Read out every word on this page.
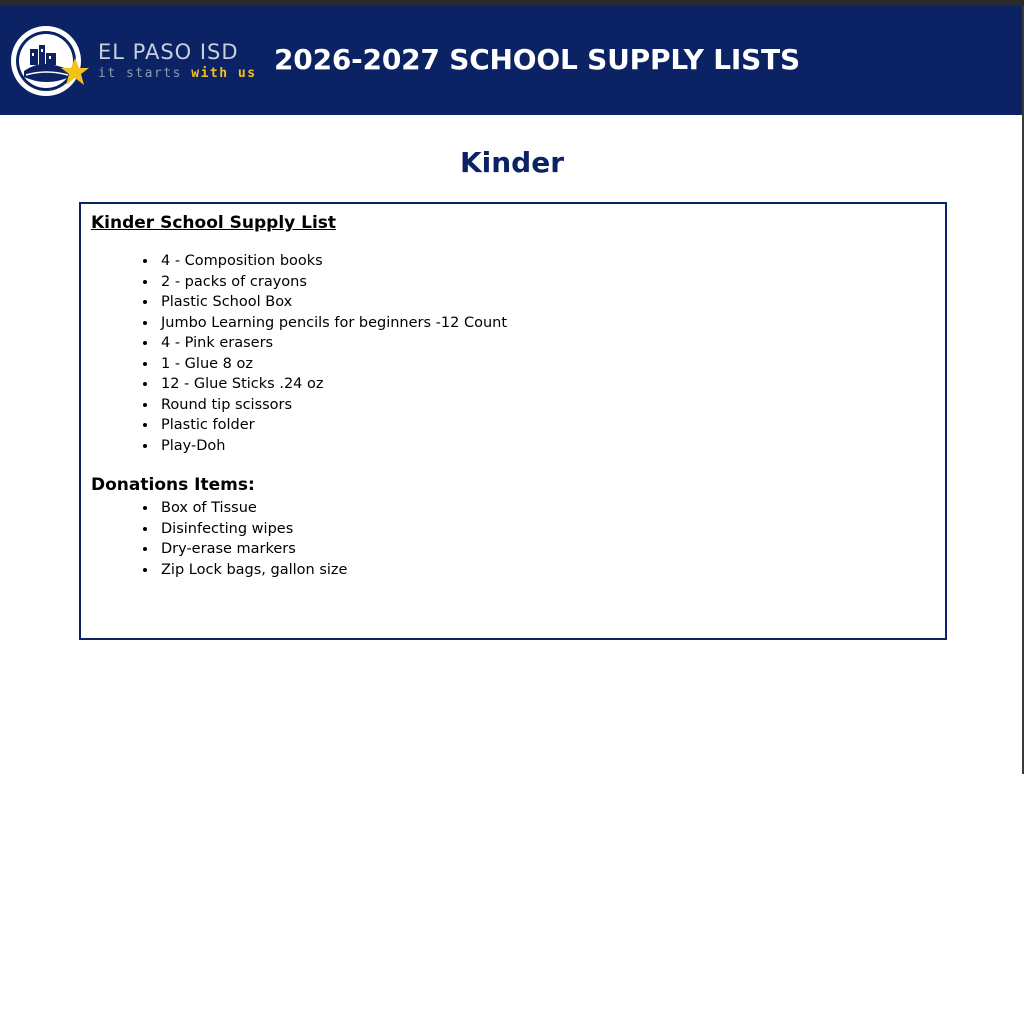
EL PASO ISD
it starts with us 2026-2027 SCHOOL SUPPLY LISTS
Kinder
Kinder School Supply List
4 - Composition books
2 - packs of crayons
Plastic School Box
Jumbo Learning pencils for beginners -12 Count
4 - Pink erasers
1 - Glue 8 oz
12 - Glue Sticks .24 oz
Round tip scissors
Plastic folder
Play-Doh
Donations Items:
Box of Tissue
Disinfecting wipes
Dry-erase markers
Zip Lock bags, gallon size
